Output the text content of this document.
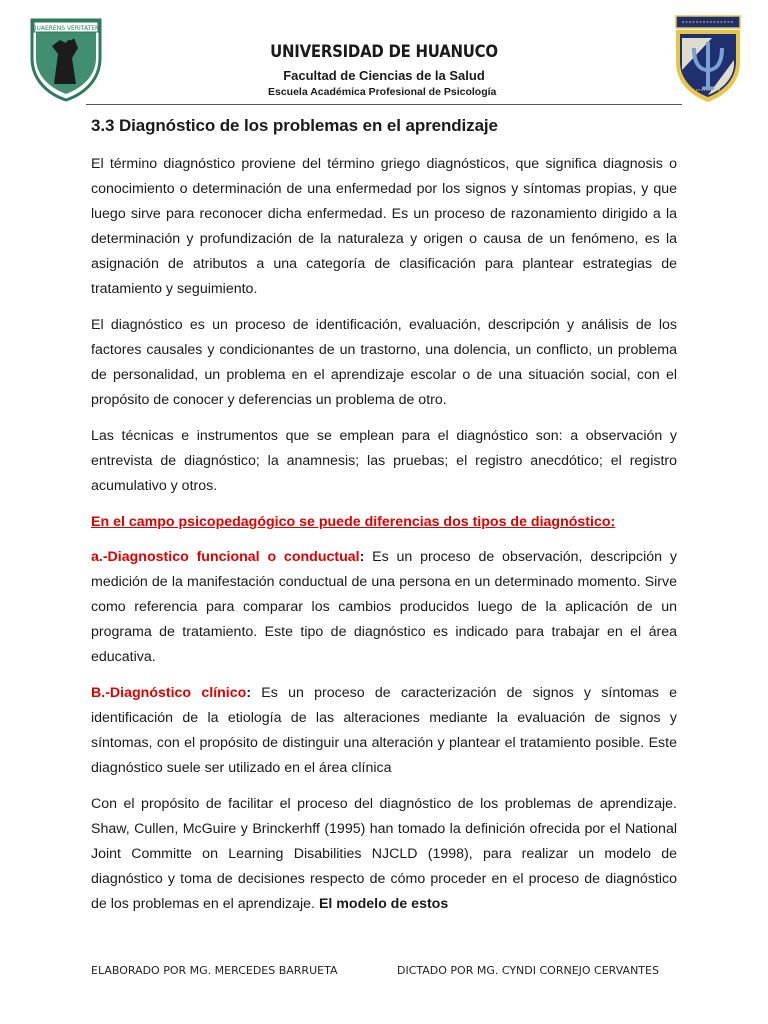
QUAERENS VERITATEM
UNIVERSIDAD DE HUANUCO
Facultad de Ciencias de la Salud
Escuela Académica Profesional de Psicología
3.3 Diagnóstico de los problemas en el aprendizaje

El término diagnóstico proviene del término griego diagnósticos, que significa diagnosis o conocimiento o determinación de una enfermedad por los signos y síntomas propias, y que luego sirve para reconocer dicha enfermedad. Es un proceso de razonamiento dirigido a la determinación y profundización de la naturaleza y origen o causa de un fenómeno, es la asignación de atributos a una categoría de clasificación para plantear estrategias de tratamiento y seguimiento.

El diagnóstico es un proceso de identificación, evaluación, descripción y análisis de los factores causales y condicionantes de un trastorno, una dolencia, un conflicto, un problema de personalidad, un problema en el aprendizaje escolar o de una situación social, con el propósito de conocer y deferencias un problema de otro.

Las técnicas e instrumentos que se emplean para el diagnóstico son: a observación y entrevista de diagnóstico; la anamnesis; las pruebas; el registro anecdótico; el registro acumulativo y otros.

En el campo psicopedagógico se puede diferencias dos tipos de diagnóstico:

a.-Diagnostico funcional o conductual: Es un proceso de observación, descripción y medición de la manifestación conductual de una persona en un determinado momento. Sirve como referencia para comparar los cambios producidos luego de la aplicación de un programa de tratamiento. Este tipo de diagnóstico es indicado para trabajar en el área educativa.

B.-Diagnóstico clínico: Es un proceso de caracterización de signos y síntomas e identificación de la etiología de las alteraciones mediante la evaluación de signos y síntomas, con el propósito de distinguir una alteración y plantear el tratamiento posible. Este diagnóstico suele ser utilizado en el área clínica

Con el propósito de facilitar el proceso del diagnóstico de los problemas de aprendizaje. Shaw, Cullen, McGuire y Brinckerhff (1995) han tomado la definición ofrecida por el National Joint Committe on Learning Disabilities NJCLD (1998), para realizar un modelo de diagnóstico y toma de decisiones respecto de cómo proceder en el proceso de diagnóstico de los problemas en el aprendizaje. El modelo de estos

ELABORADO POR MG. MERCEDES BARRUETA	DICTADO POR MG. CYNDI CORNEJO CERVANTES
